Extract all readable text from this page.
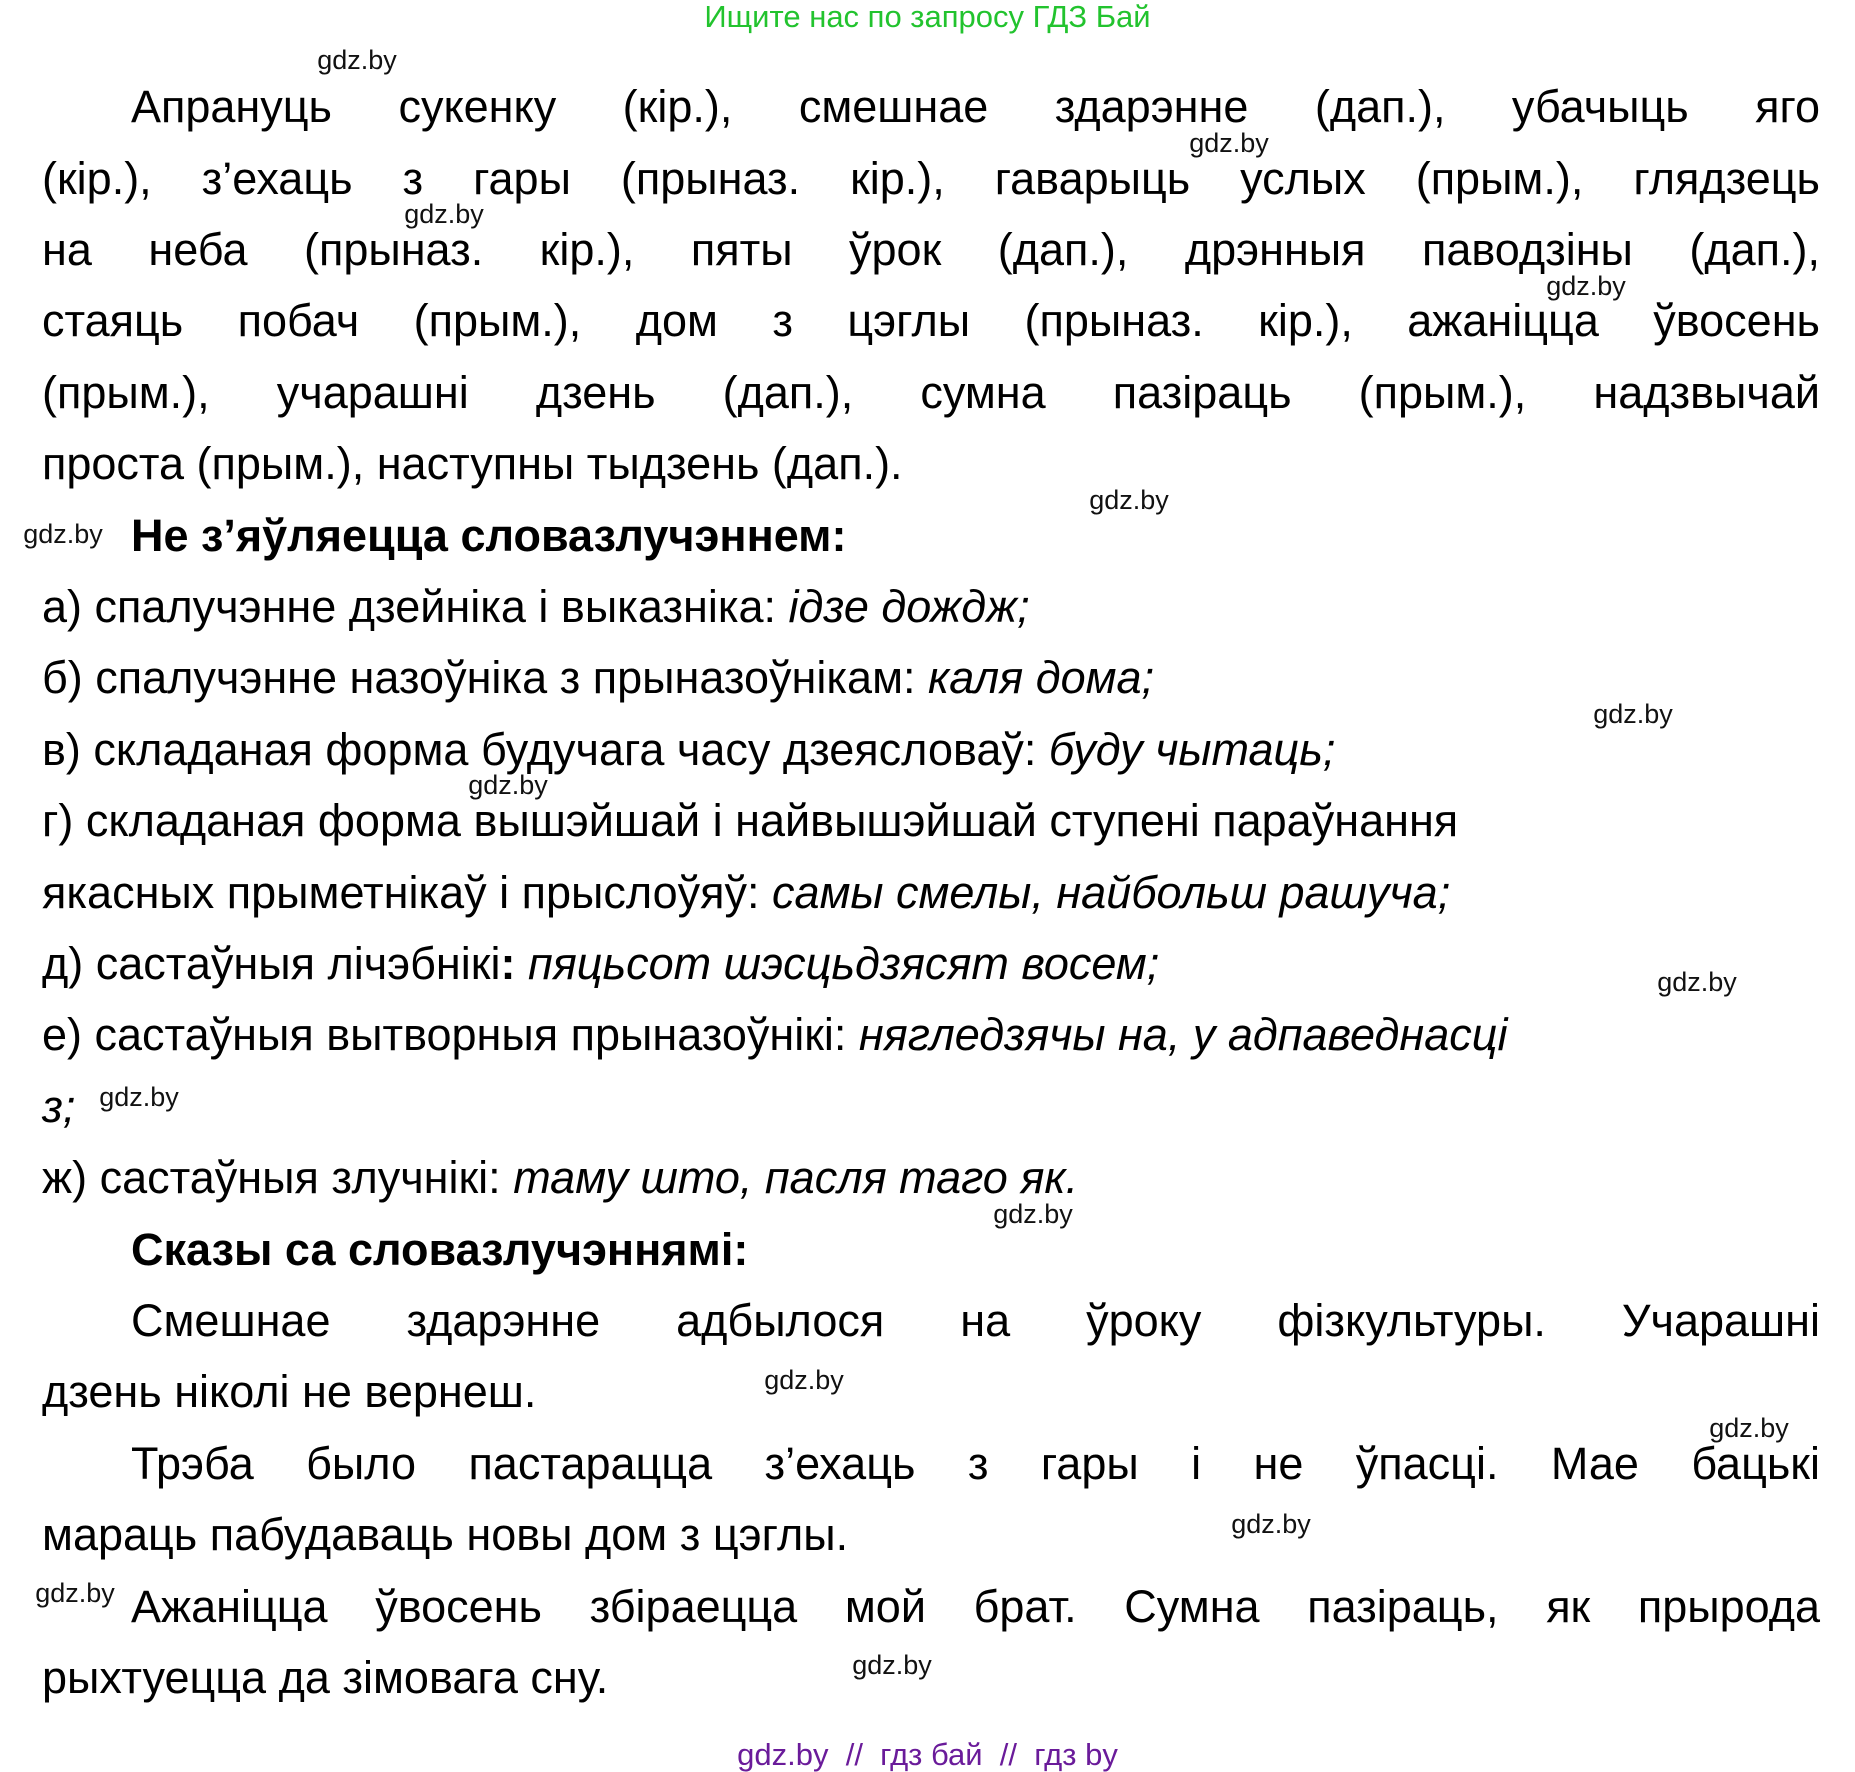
Ищите нас по запросу ГДЗ Бай
Апрануць сукенку (кір.), смешнае здарэнне (дап.), убачыць яго
(кір.), з’ехаць з гары (прыназ. кір.), гаварыць услых (прым.), глядзець
на неба (прыназ. кір.), пяты ўрок (дап.), дрэнныя паводзіны (дап.),
стаяць побач (прым.), дом з цэглы (прыназ. кір.), ажаніцца ўвосень
(прым.), учарашні дзень (дап.), сумна пазіраць (прым.), надзвычай
проста (прым.), наступны тыдзень (дап.).
Не з’яўляецца словазлучэннем:
а) спалучэнне дзейніка і выказніка: ідзе дождж;
б) спалучэнне назоўніка з прыназоўнікам: каля дома;
в) складаная форма будучага часу дзеясловаў: буду чытаць;
г) складаная форма вышэйшай і найвышэйшай ступені параўнання
якасных прыметнікаў і прыслоўяў: самы смелы, найбольш рашуча;
д) састаўныя лічэбнікі: пяцьсот шэсцьдзясят восем;
е) састаўныя вытворныя прыназоўнікі: нягледзячы на, у адпаведнасці
з;
ж) састаўныя злучнікі: таму што, пасля таго як.
Сказы са словазлучэннямі:
Смешнае здарэнне адбылося на ўроку фізкультуры. Учарашні
дзень ніколі не вернеш.
Трэба было пастарацца з’ехаць з гары і не ўпасці. Мае бацькі
мараць пабудаваць новы дом з цэглы.
Ажаніцца ўвосень збіраецца мой брат. Сумна пазіраць, як прырода
рыхтуецца да зімовага сну.
gdz.by
gdz.by
gdz.by
gdz.by
gdz.by
gdz.by
gdz.by
gdz.by
gdz.by
gdz.by
gdz.by
gdz.by
gdz.by
gdz.by
gdz.by
gdz.by
gdz.by  //  гдз бай  //  гдз by
